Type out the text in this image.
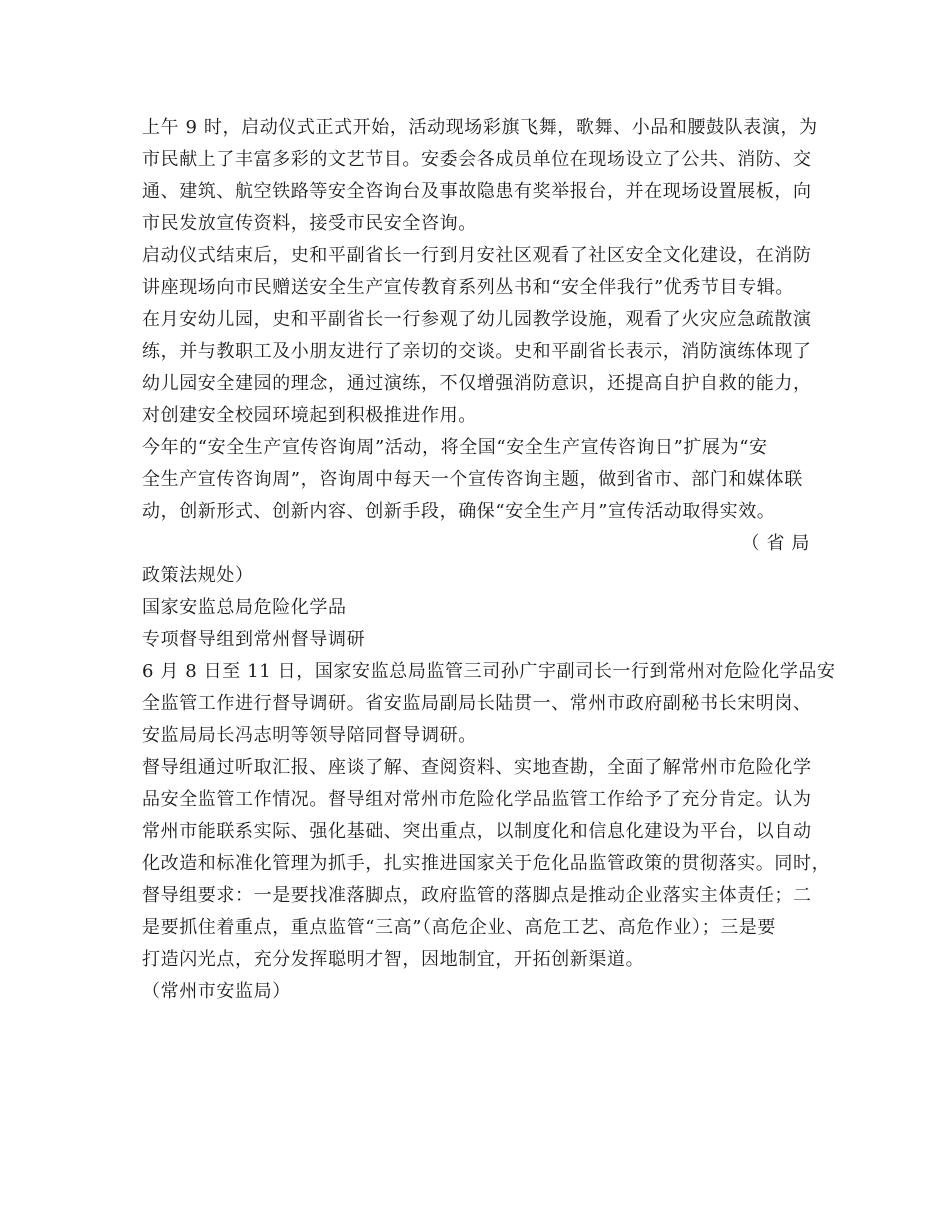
上午 9 时，启动仪式正式开始，活动现场彩旗飞舞，歌舞、小品和腰鼓队表演，为
市民献上了丰富多彩的文艺节目。安委会各成员单位在现场设立了公共、消防、交
通、建筑、航空铁路等安全咨询台及事故隐患有奖举报台，并在现场设置展板，向
市民发放宣传资料，接受市民安全咨询。
启动仪式结束后，史和平副省长一行到月安社区观看了社区安全文化建设，在消防
讲座现场向市民赠送安全生产宣传教育系列丛书和“安全伴我行”优秀节目专辑。
在月安幼儿园，史和平副省长一行参观了幼儿园教学设施，观看了火灾应急疏散演
练，并与教职工及小朋友进行了亲切的交谈。史和平副省长表示，消防演练体现了
幼儿园安全建园的理念，通过演练，不仅增强消防意识，还提高自护自救的能力，
对创建安全校园环境起到积极推进作用。
今年的“安全生产宣传咨询周”活动，将全国“安全生产宣传咨询日”扩展为“安
全生产宣传咨询周”，咨询周中每天一个宣传咨询主题，做到省市、部门和媒体联
动，创新形式、创新内容、创新手段，确保“安全生产月”宣传活动取得实效。
（ 省 局
政策法规处）
国家安监总局危险化学品
专项督导组到常州督导调研
6 月 8 日至 11 日，国家安监总局监管三司孙广宇副司长一行到常州对危险化学品安
全监管工作进行督导调研。省安监局副局长陆贯一、常州市政府副秘书长宋明岗、
安监局局长冯志明等领导陪同督导调研。
督导组通过听取汇报、座谈了解、查阅资料、实地查勘，全面了解常州市危险化学
品安全监管工作情况。督导组对常州市危险化学品监管工作给予了充分肯定。认为
常州市能联系实际、强化基础、突出重点，以制度化和信息化建设为平台，以自动
化改造和标准化管理为抓手，扎实推进国家关于危化品监管政策的贯彻落实。同时，
督导组要求：一是要找准落脚点，政府监管的落脚点是推动企业落实主体责任；二
是要抓住着重点，重点监管“三高”（高危企业、高危工艺、高危作业）；三是要
打造闪光点，充分发挥聪明才智，因地制宜，开拓创新渠道。
（常州市安监局）
